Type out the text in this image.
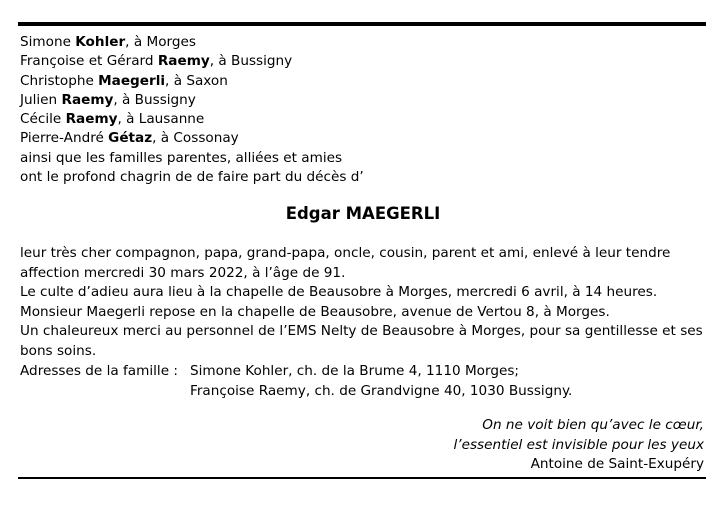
Simone Kohler, à Morges
Françoise et Gérard Raemy, à Bussigny
Christophe Maegerli, à Saxon
Julien Raemy, à Bussigny
Cécile Raemy, à Lausanne
Pierre-André Gétaz, à Cossonay
ainsi que les familles parentes, alliées et amies
ont le profond chagrin de de faire part du décès d’
Edgar MAEGERLI

leur très cher compagnon, papa, grand-papa, oncle, cousin, parent et ami, enlevé à leur tendre affection mercredi 30 mars 2022, à l’âge de 91.

Le culte d’adieu aura lieu à la chapelle de Beausobre à Morges, mercredi 6 avril, à 14 heures.

Monsieur Maegerli repose en la chapelle de Beausobre, avenue de Vertou 8, à Morges.

Un chaleureux merci au personnel de l’EMS Nelty de Beausobre à Morges, pour sa gentillesse et ses bons soins.

Adresses de la famille : Simone Kohler, ch. de la Brume 4, 1110 Morges;
Françoise Raemy, ch. de Grandvigne 40, 1030 Bussigny.
On ne voit bien qu’avec le cœur,
l’essentiel est invisible pour les yeux
Antoine de Saint-Exupéry
